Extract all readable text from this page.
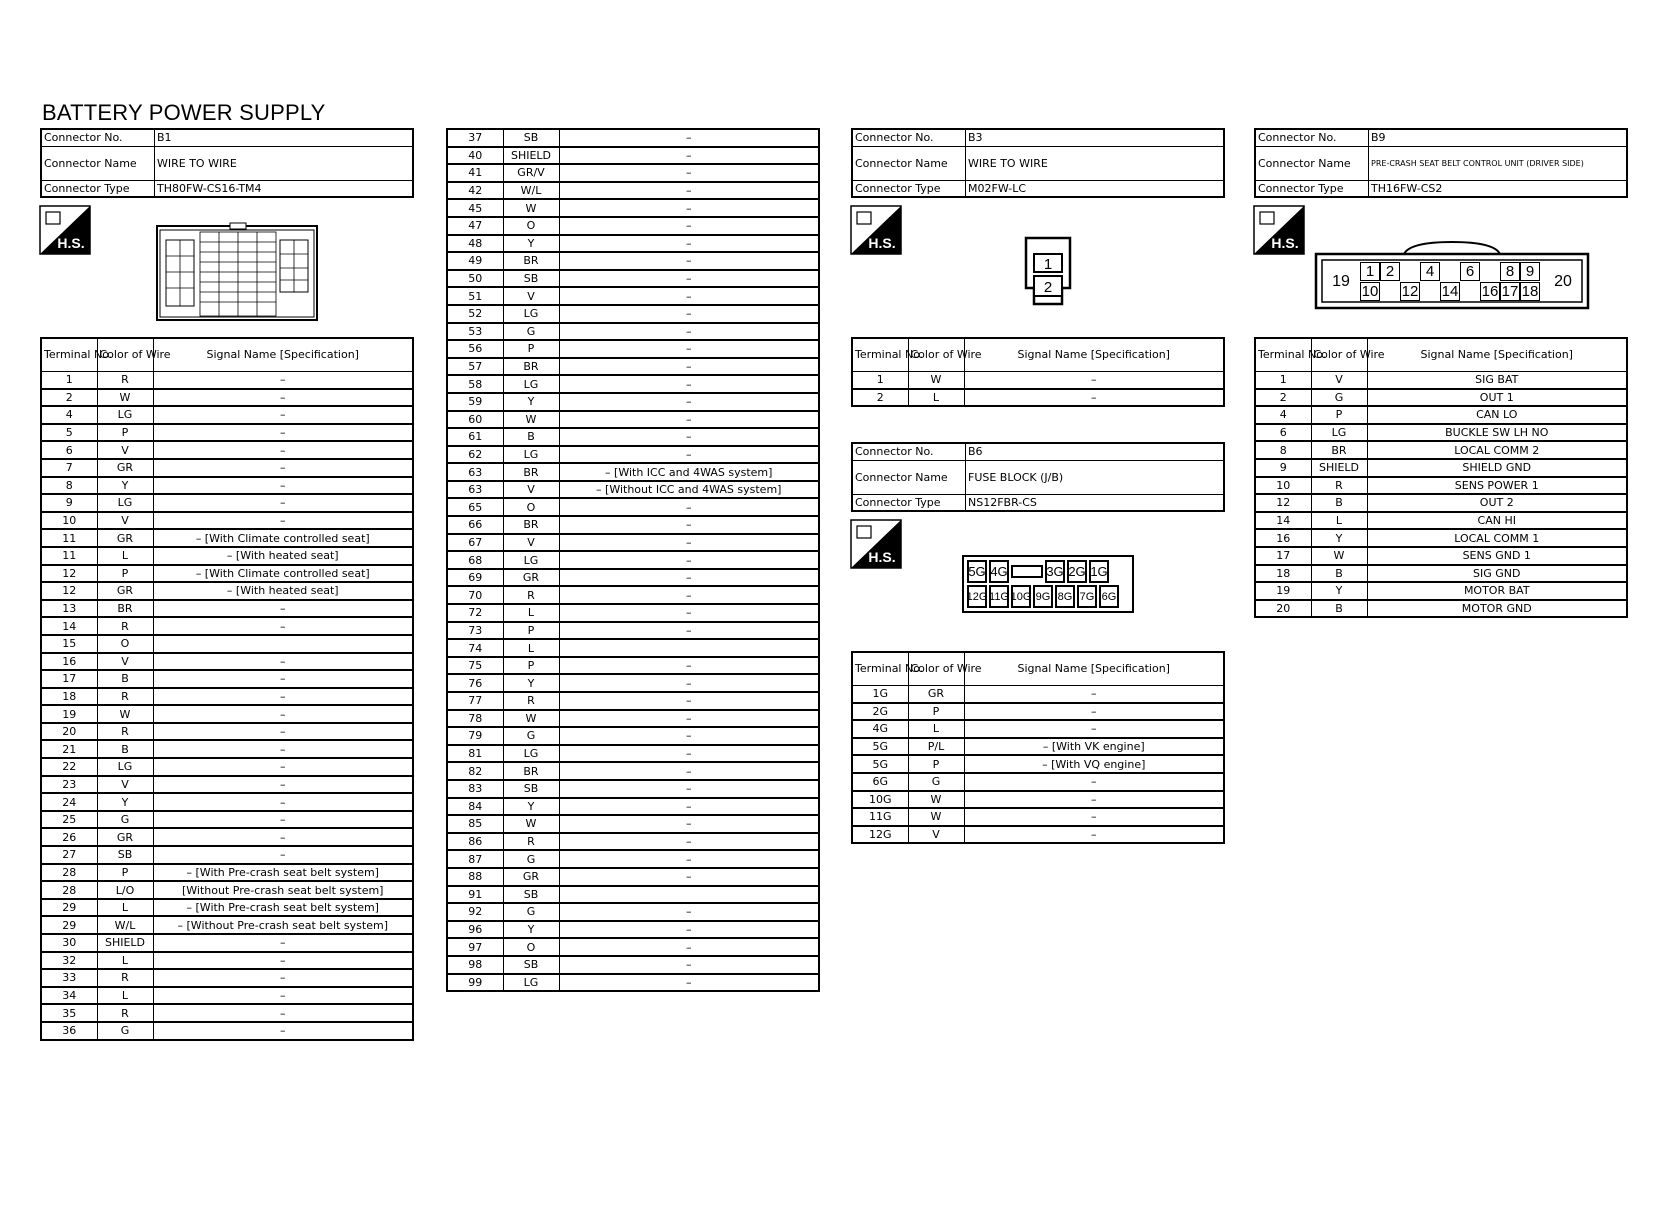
BATTERY POWER SUPPLY
Connector No.	B1
Connector Name	WIRE TO WIRE
Connector Type	TH80FW-CS16-TM4
H.S.
Terminal No.	Color of Wire	Signal Name [Specification]
1	R	–
2	W	–
4	LG	–
5	P	–
6	V	–
7	GR	–
8	Y	–
9	LG	–
10	V	–
11	GR	– [With Climate controlled seat]
11	L	– [With heated seat]
12	P	– [With Climate controlled seat]
12	GR	– [With heated seat]
13	BR	–
14	R	–
15	O	
16	V	–
17	B	–
18	R	–
19	W	–
20	R	–
21	B	–
22	LG	–
23	V	–
24	Y	–
25	G	–
26	GR	–
27	SB	–
28	P	– [With Pre-crash seat belt system]
28	L/O	[Without Pre-crash seat belt system]
29	L	– [With Pre-crash seat belt system]
29	W/L	– [Without Pre-crash seat belt system]
30	SHIELD	–
32	L	–
33	R	–
34	L	–
35	R	–
36	G	–
37	SB	–
40	SHIELD	–
41	GR/V	–
42	W/L	–
45	W	–
47	O	–
48	Y	–
49	BR	–
50	SB	–
51	V	–
52	LG	–
53	G	–
56	P	–
57	BR	–
58	LG	–
59	Y	–
60	W	–
61	B	–
62	LG	–
63	BR	– [With ICC and 4WAS system]
63	V	– [Without ICC and 4WAS system]
65	O	–
66	BR	–
67	V	–
68	LG	–
69	GR	–
70	R	–
72	L	–
73	P	–
74	L	
75	P	–
76	Y	–
77	R	–
78	W	–
79	G	–
81	LG	–
82	BR	–
83	SB	–
84	Y	–
85	W	–
86	R	–
87	G	–
88	GR	–
91	SB	
92	G	–
96	Y	–
97	O	–
98	SB	–
99	LG	–
Connector No.	B3
Connector Name	WIRE TO WIRE
Connector Type	M02FW-LC
H.S.
1
2
Terminal No.	Color of Wire	Signal Name [Specification]
1	W	–
2	L	–
Connector No.	B6
Connector Name	FUSE BLOCK (J/B)
Connector Type	NS12FBR-CS
H.S.
5G 4G	3G 2G 1G
12G 11G 10G 9G 8G 7G 6G
Terminal No.	Color of Wire	Signal Name [Specification]
1G	GR	–
2G	P	–
4G	L	–
5G	P/L	– [With VK engine]
5G	P	– [With VQ engine]
6G	G	–
10G	W	–
11G	W	–
12G	V	–
Connector No.	B9
Connector Name	PRE-CRASH SEAT BELT CONTROL UNIT (DRIVER SIDE)
Connector Type	TH16FW-CS2
H.S.
19
1 2	4	6	8 9
10 12 14 16 17 18
20
Terminal No.	Color of Wire	Signal Name [Specification]
1	V	SIG BAT
2	G	OUT 1
4	P	CAN LO
6	LG	BUCKLE SW LH NO
8	BR	LOCAL COMM 2
9	SHIELD	SHIELD GND
10	R	SENS POWER 1
12	B	OUT 2
14	L	CAN HI
16	Y	LOCAL COMM 1
17	W	SENS GND 1
18	B	SIG GND
19	Y	MOTOR BAT
20	B	MOTOR GND
